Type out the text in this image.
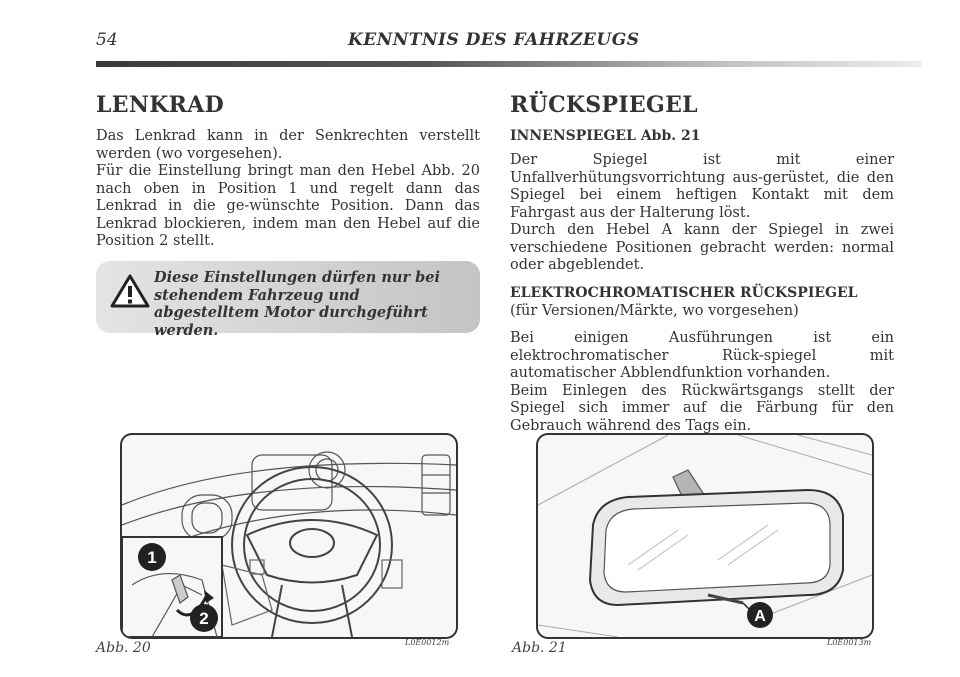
54	KENNTNIS DES FAHRZEUGS
LENKRAD

Das Lenkrad kann in der Senkrechten verstellt werden (wo vorgesehen).

Für die Einstellung bringt man den Hebel Abb. 20 nach oben in Position 1 und regelt dann das Lenkrad in die ge-wünschte Position. Dann das Lenkrad blockieren, indem man den Hebel auf die Position 2 stellt.

Diese Einstellungen dürfen nur bei stehendem Fahrzeug und abgestelltem Motor durchgeführt werden.
RÜCKSPIEGEL
INNENSPIEGEL Abb. 21

Der Spiegel ist mit einer Unfallverhütungsvorrichtung aus-gerüstet, die den Spiegel bei einem heftigen Kontakt mit dem Fahrgast aus der Halterung löst.

Durch den Hebel A kann der Spiegel in zwei verschiedene Positionen gebracht werden: normal oder abgeblendet.

ELEKTROCHROMATISCHER RÜCKSPIEGEL

(für Versionen/Märkte, wo vorgesehen)

Bei einigen Ausführungen ist ein elektrochromatischer Rück-spiegel mit automatischer Abblendfunktion vorhanden.

Beim Einlegen des Rückwärtsgangs stellt der Spiegel sich immer auf die Färbung für den Gebrauch während des Tags ein.

1
2	A
Abb. 20	L0E0012m	Abb. 21	L0E0013m
